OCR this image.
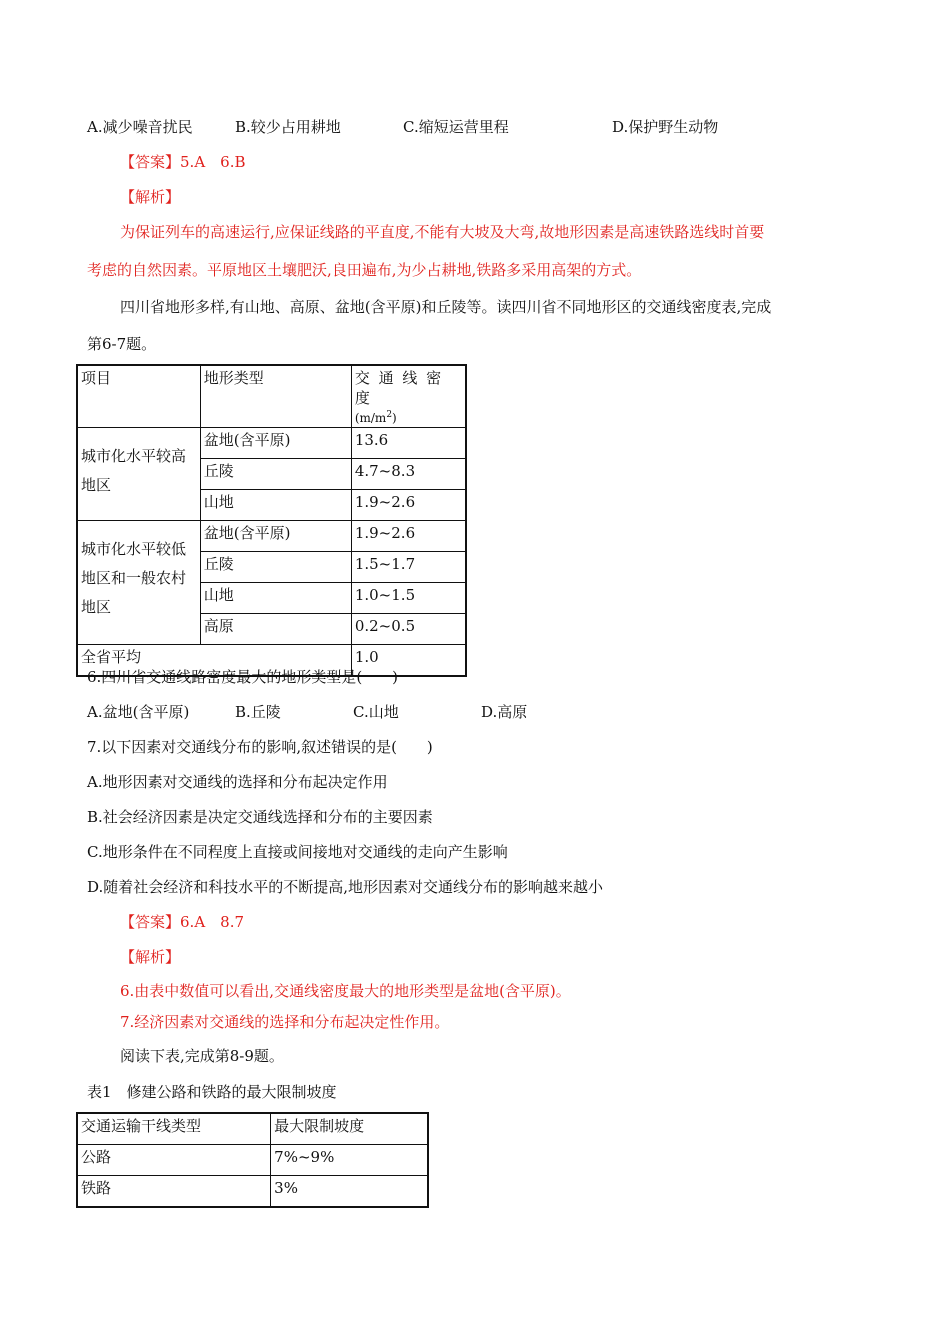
A.减少噪音扰民	B.较少占用耕地	C.缩短运营里程	D.保护野生动物
【答案】5.A　6.B
【解析】
为保证列车的高速运行,应保证线路的平直度,不能有大坡及大弯,故地形因素是高速铁路选线时首要
考虑的自然因素。平原地区土壤肥沃,良田遍布,为少占耕地,铁路多采用高架的方式。
四川省地形多样,有山地、高原、盆地(含平原)和丘陵等。读四川省不同地形区的交通线密度表,完成
第6-7题。
项目	地形类型	交 通 线 密 度
$(m/m^2)$

城市化水平较高地区	盆地(含平原)	13.6
	丘陵	4.7~8.3
	山地	1.9~2.6
城市化水平较低地区和一般农村地区	盆地(含平原)	1.9~2.6
	丘陵	1.5~1.7
	山地	1.0~1.5
	高原	0.2~0.5
全省平均		1.0
6.四川省交通线路密度最大的地形类型是(　　)
A.盆地(含平原)	B.丘陵	C.山地	D.高原
7.以下因素对交通线分布的影响,叙述错误的是(　　)
A.地形因素对交通线的选择和分布起决定作用
B.社会经济因素是决定交通线选择和分布的主要因素
C.地形条件在不同程度上直接或间接地对交通线的走向产生影响
D.随着社会经济和科技水平的不断提高,地形因素对交通线分布的影响越来越小
【答案】6.A　8.7
【解析】
6.由表中数值可以看出,交通线密度最大的地形类型是盆地(含平原)。
7.经济因素对交通线的选择和分布起决定性作用。
阅读下表,完成第8-9题。
表1　修建公路和铁路的最大限制坡度
交通运输干线类型	最大限制坡度
公路	7%~9%
铁路	3%
